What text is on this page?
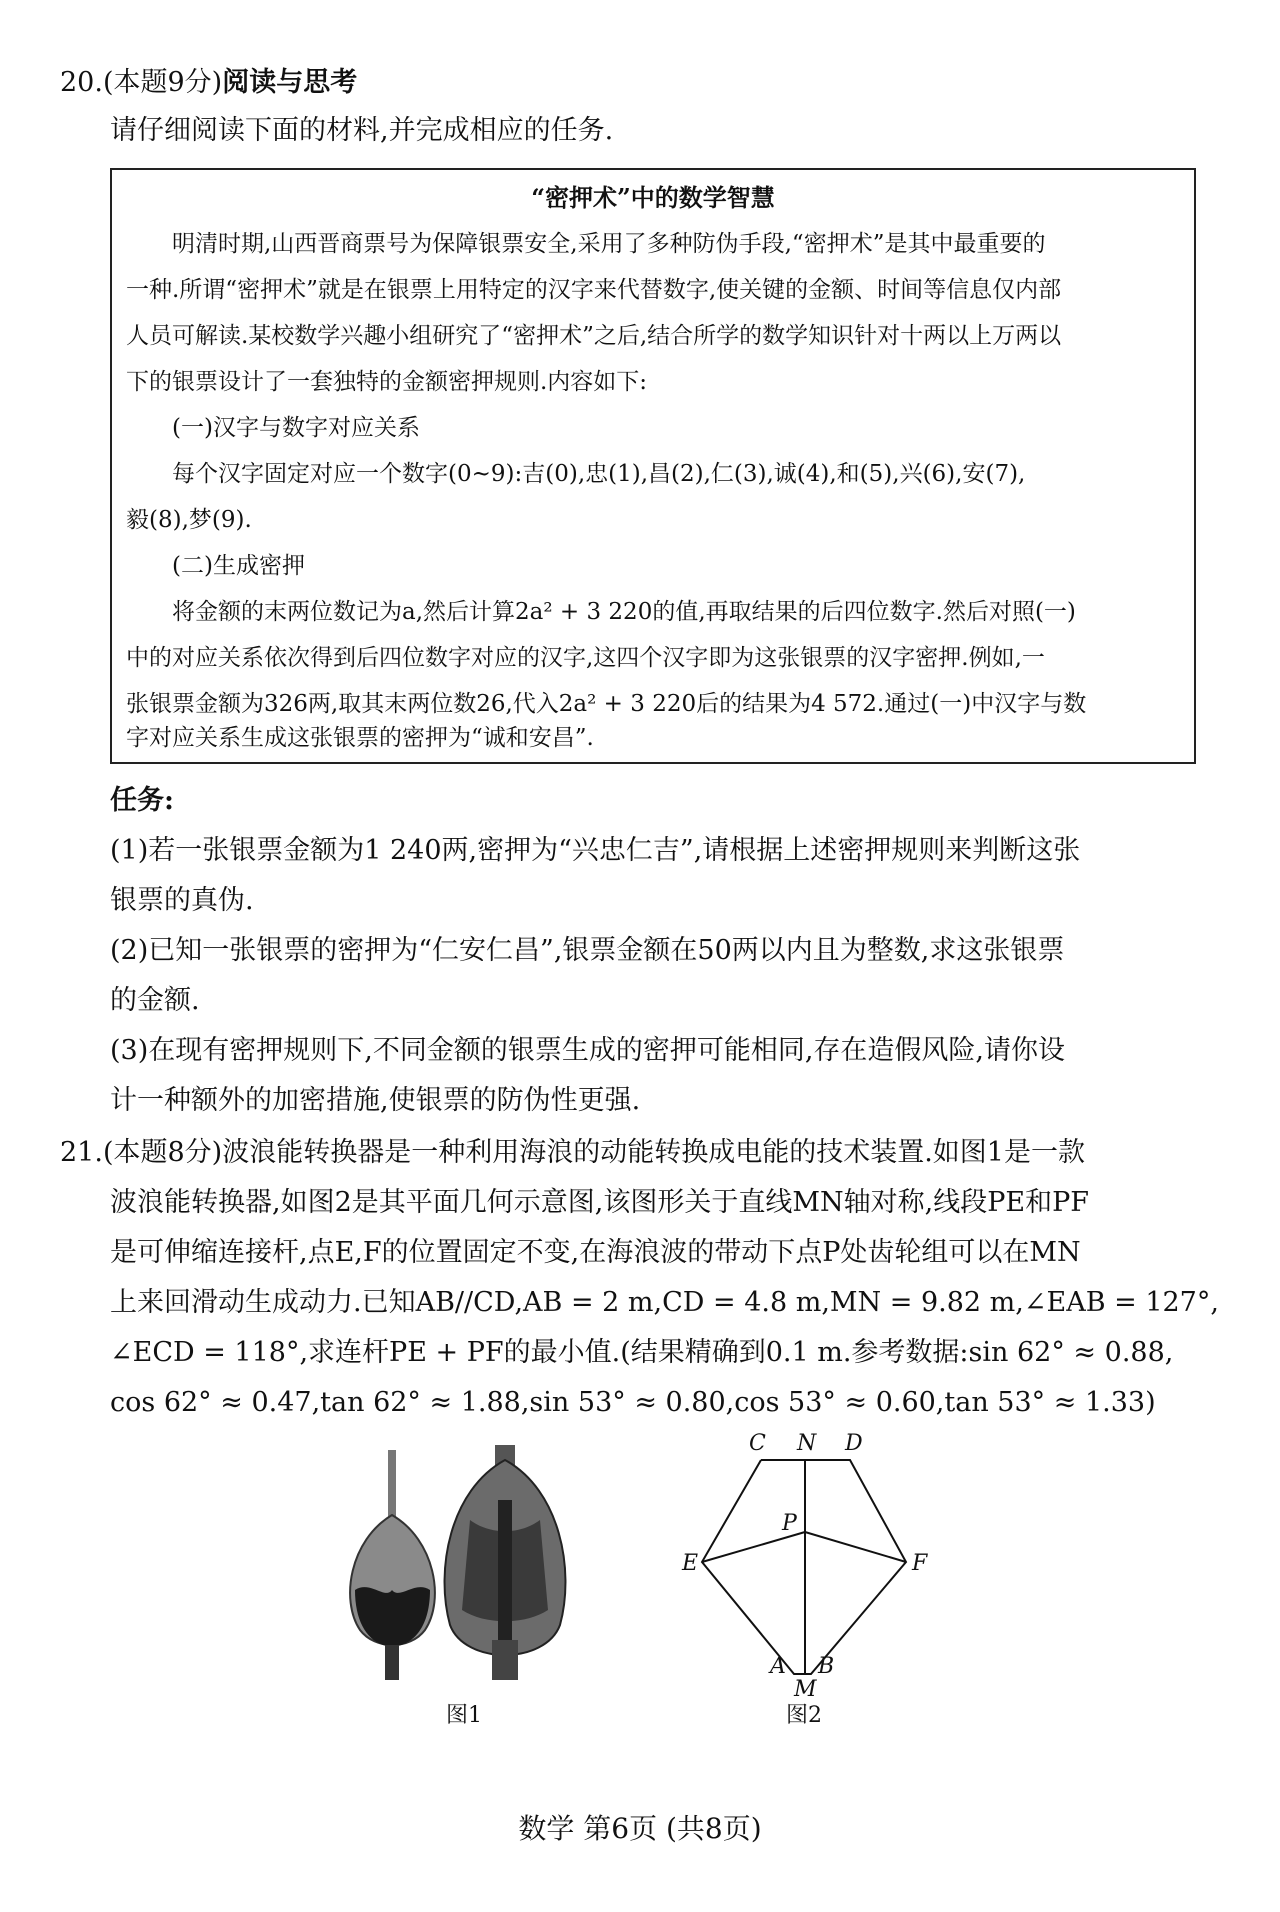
20.(本题9分)阅读与思考
请仔细阅读下面的材料,并完成相应的任务.
“密押术”中的数学智慧
明清时期,山西晋商票号为保障银票安全,采用了多种防伪手段,“密押术”是其中最重要的
一种.所谓“密押术”就是在银票上用特定的汉字来代替数字,使关键的金额、时间等信息仅内部
人员可解读.某校数学兴趣小组研究了“密押术”之后,结合所学的数学知识针对十两以上万两以
下的银票设计了一套独特的金额密押规则.内容如下:
(一)汉字与数字对应关系
每个汉字固定对应一个数字(0~9):吉(0),忠(1),昌(2),仁(3),诚(4),和(5),兴(6),安(7),
毅(8),梦(9).
(二)生成密押
将金额的末两位数记为a,然后计算2a² + 3 220的值,再取结果的后四位数字.然后对照(一)
中的对应关系依次得到后四位数字对应的汉字,这四个汉字即为这张银票的汉字密押.例如,一
张银票金额为326两,取其末两位数26,代入2a² + 3 220后的结果为4 572.通过(一)中汉字与数
字对应关系生成这张银票的密押为“诚和安昌”.
任务:
(1)若一张银票金额为1 240两,密押为“兴忠仁吉”,请根据上述密押规则来判断这张
银票的真伪.
(2)已知一张银票的密押为“仁安仁昌”,银票金额在50两以内且为整数,求这张银票
的金额.
(3)在现有密押规则下,不同金额的银票生成的密押可能相同,存在造假风险,请你设
计一种额外的加密措施,使银票的防伪性更强.
21.(本题8分)波浪能转换器是一种利用海浪的动能转换成电能的技术装置.如图1是一款
波浪能转换器,如图2是其平面几何示意图,该图形关于直线MN轴对称,线段PE和PF
是可伸缩连接杆,点E,F的位置固定不变,在海浪波的带动下点P处齿轮组可以在MN
上来回滑动生成动力.已知AB//CD,AB = 2 m,CD = 4.8 m,MN = 9.82 m,∠EAB = 127°,
∠ECD = 118°,求连杆PE + PF的最小值.(结果精确到0.1 m.参考数据:sin 62° ≈ 0.88,
cos 62° ≈ 0.47,tan 62° ≈ 1.88,sin 53° ≈ 0.80,cos 53° ≈ 0.60,tan 53° ≈ 1.33)
图1
C N D
P
E	F
A B
M
图2
数学 第6页 (共8页)
